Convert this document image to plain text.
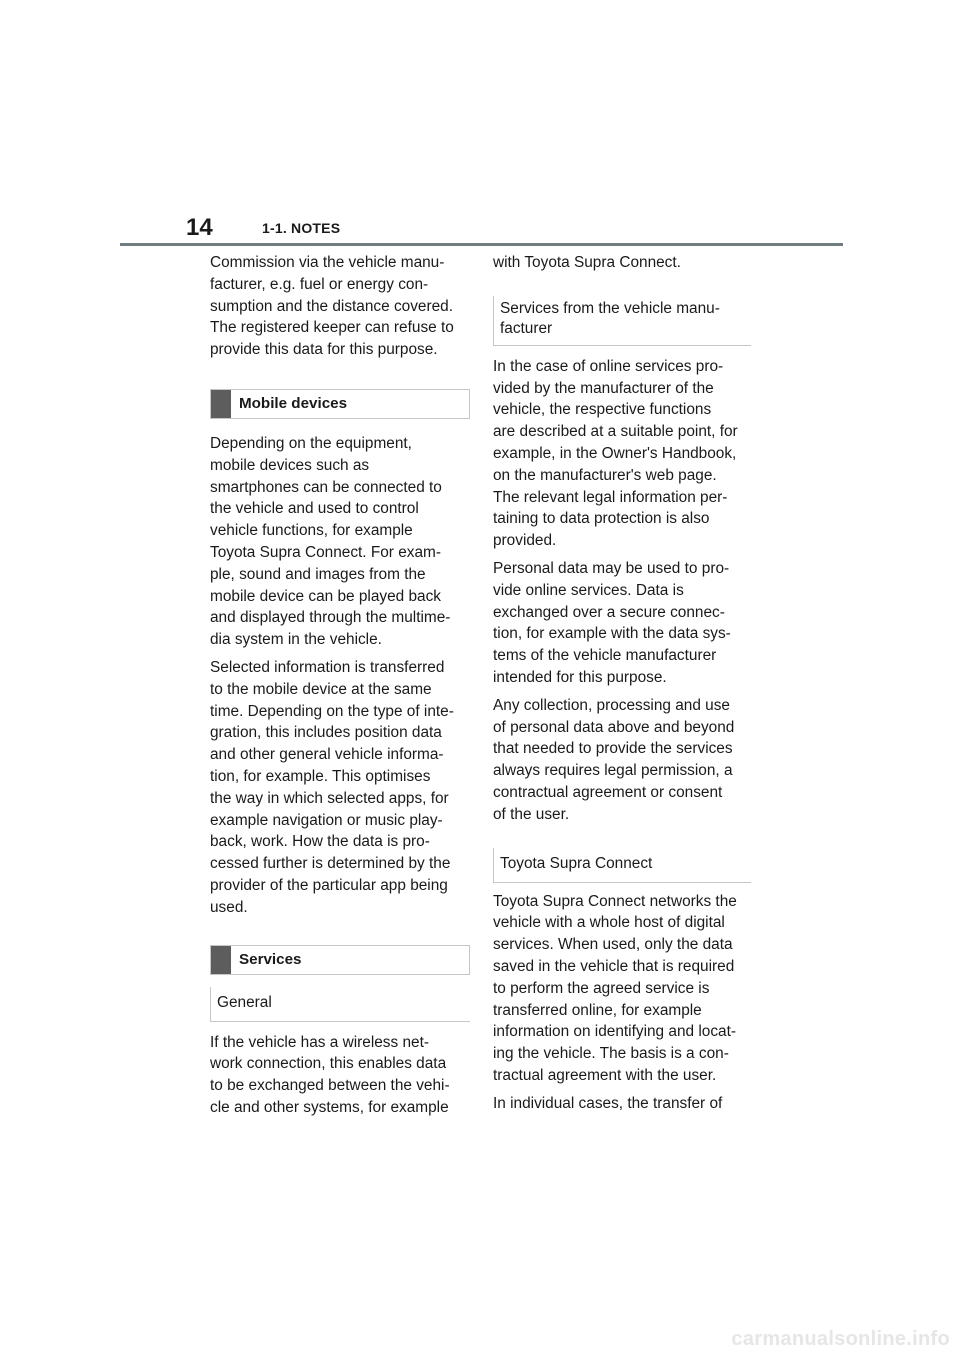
14	1-1. NOTES

Commission via the vehicle manu-
facturer, e.g. fuel or energy con-
sumption and the distance covered.
The registered keeper can refuse to
provide this data for this purpose.

Mobile devices

Depending on the equipment,
mobile devices such as
smartphones can be connected to
the vehicle and used to control
vehicle functions, for example
Toyota Supra Connect. For exam-
ple, sound and images from the
mobile device can be played back
and displayed through the multime-
dia system in the vehicle.

Selected information is transferred
to the mobile device at the same
time. Depending on the type of inte-
gration, this includes position data
and other general vehicle informa-
tion, for example. This optimises
the way in which selected apps, for
example navigation or music play-
back, work. How the data is pro-
cessed further is determined by the
provider of the particular app being
used.

Services
General

If the vehicle has a wireless net-
work connection, this enables data
to be exchanged between the vehi-
cle and other systems, for example

with Toyota Supra Connect.

Services from the vehicle manu-
facturer

In the case of online services pro-
vided by the manufacturer of the
vehicle, the respective functions
are described at a suitable point, for
example, in the Owner's Handbook,
on the manufacturer's web page.
The relevant legal information per-
taining to data protection is also
provided.

Personal data may be used to pro-
vide online services. Data is
exchanged over a secure connec-
tion, for example with the data sys-
tems of the vehicle manufacturer
intended for this purpose.

Any collection, processing and use
of personal data above and beyond
that needed to provide the services
always requires legal permission, a
contractual agreement or consent
of the user.

Toyota Supra Connect

Toyota Supra Connect networks the
vehicle with a whole host of digital
services. When used, only the data
saved in the vehicle that is required
to perform the agreed service is
transferred online, for example
information on identifying and locat-
ing the vehicle. The basis is a con-
tractual agreement with the user.

In individual cases, the transfer of

carmanualsonline.info
